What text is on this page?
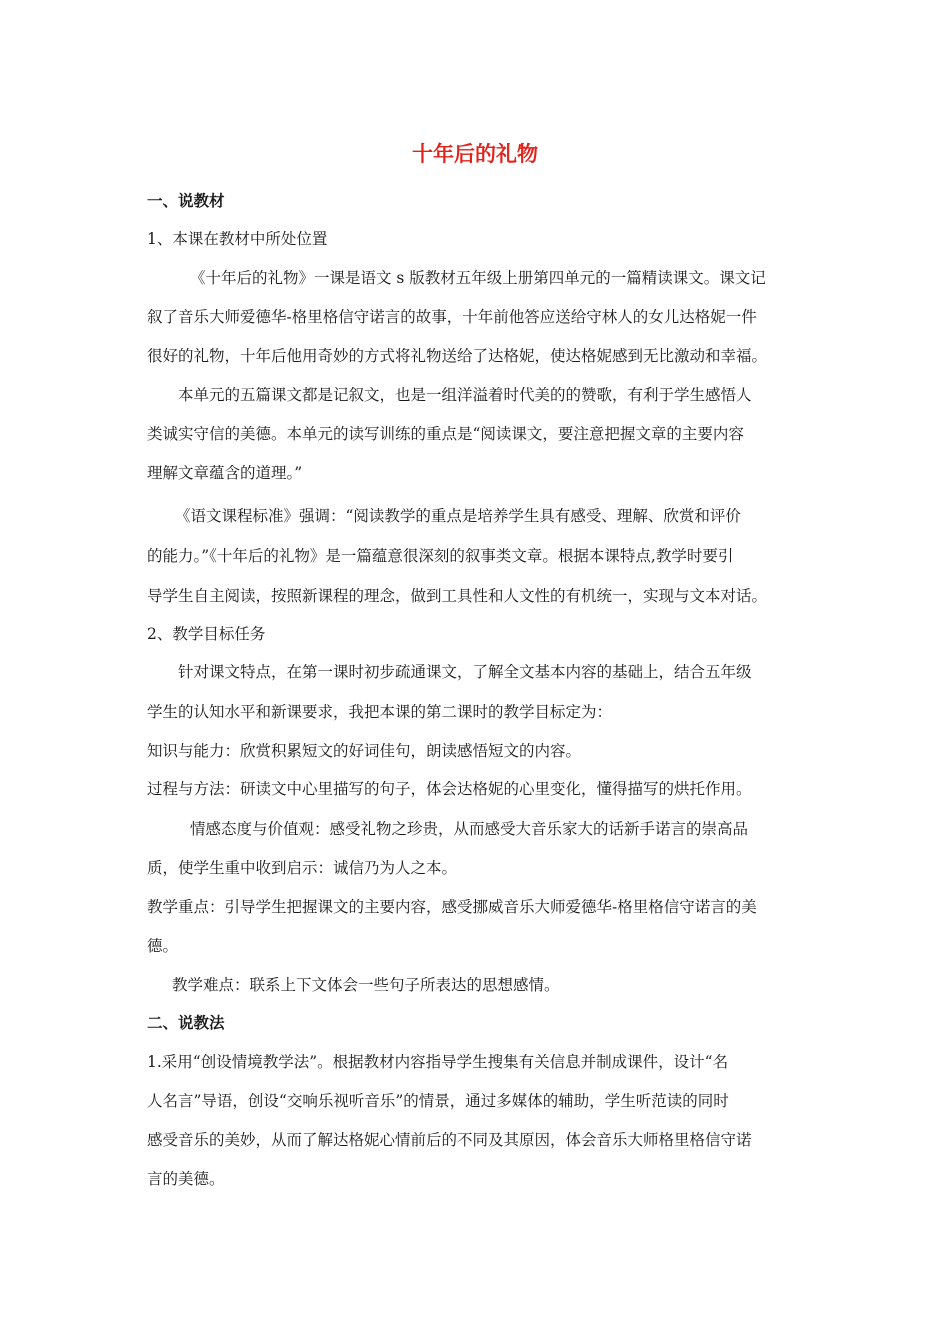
十年后的礼物
一、说教材
1、本课在教材中所处位置
《十年后的礼物》一课是语文 s 版教材五年级上册第四单元的一篇精读课文。课文记
叙了音乐大师爱德华-格里格信守诺言的故事，十年前他答应送给守林人的女儿达格妮一件
很好的礼物，十年后他用奇妙的方式将礼物送给了达格妮，使达格妮感到无比激动和幸福。
本单元的五篇课文都是记叙文，也是一组洋溢着时代美的的赞歌，有利于学生感悟人
类诚实守信的美德。本单元的读写训练的重点是“阅读课文，要注意把握文章的主要内容
理解文章蕴含的道理。”
《语文课程标准》强调：“阅读教学的重点是培养学生具有感受、理解、欣赏和评价
的能力。”《十年后的礼物》是一篇蕴意很深刻的叙事类文章。根据本课特点,教学时要引
导学生自主阅读，按照新课程的理念，做到工具性和人文性的有机统一，实现与文本对话。
2、教学目标任务
针对课文特点，在第一课时初步疏通课文，了解全文基本内容的基础上，结合五年级
学生的认知水平和新课要求，我把本课的第二课时的教学目标定为：
知识与能力：欣赏积累短文的好词佳句，朗读感悟短文的内容。
过程与方法：研读文中心里描写的句子，体会达格妮的心里变化，懂得描写的烘托作用。
情感态度与价值观：感受礼物之珍贵，从而感受大音乐家大的话新手诺言的崇高品
质，使学生重中收到启示：诚信乃为人之本。
教学重点：引导学生把握课文的主要内容，感受挪威音乐大师爱德华-格里格信守诺言的美
德。
教学难点：联系上下文体会一些句子所表达的思想感情。
二、说教法
1.采用“创设情境教学法”。根据教材内容指导学生搜集有关信息并制成课件，设计“名
人名言”导语，创设“交响乐视听音乐”的情景，通过多媒体的辅助，学生听范读的同时
感受音乐的美妙，从而了解达格妮心情前后的不同及其原因，体会音乐大师格里格信守诺
言的美德。
